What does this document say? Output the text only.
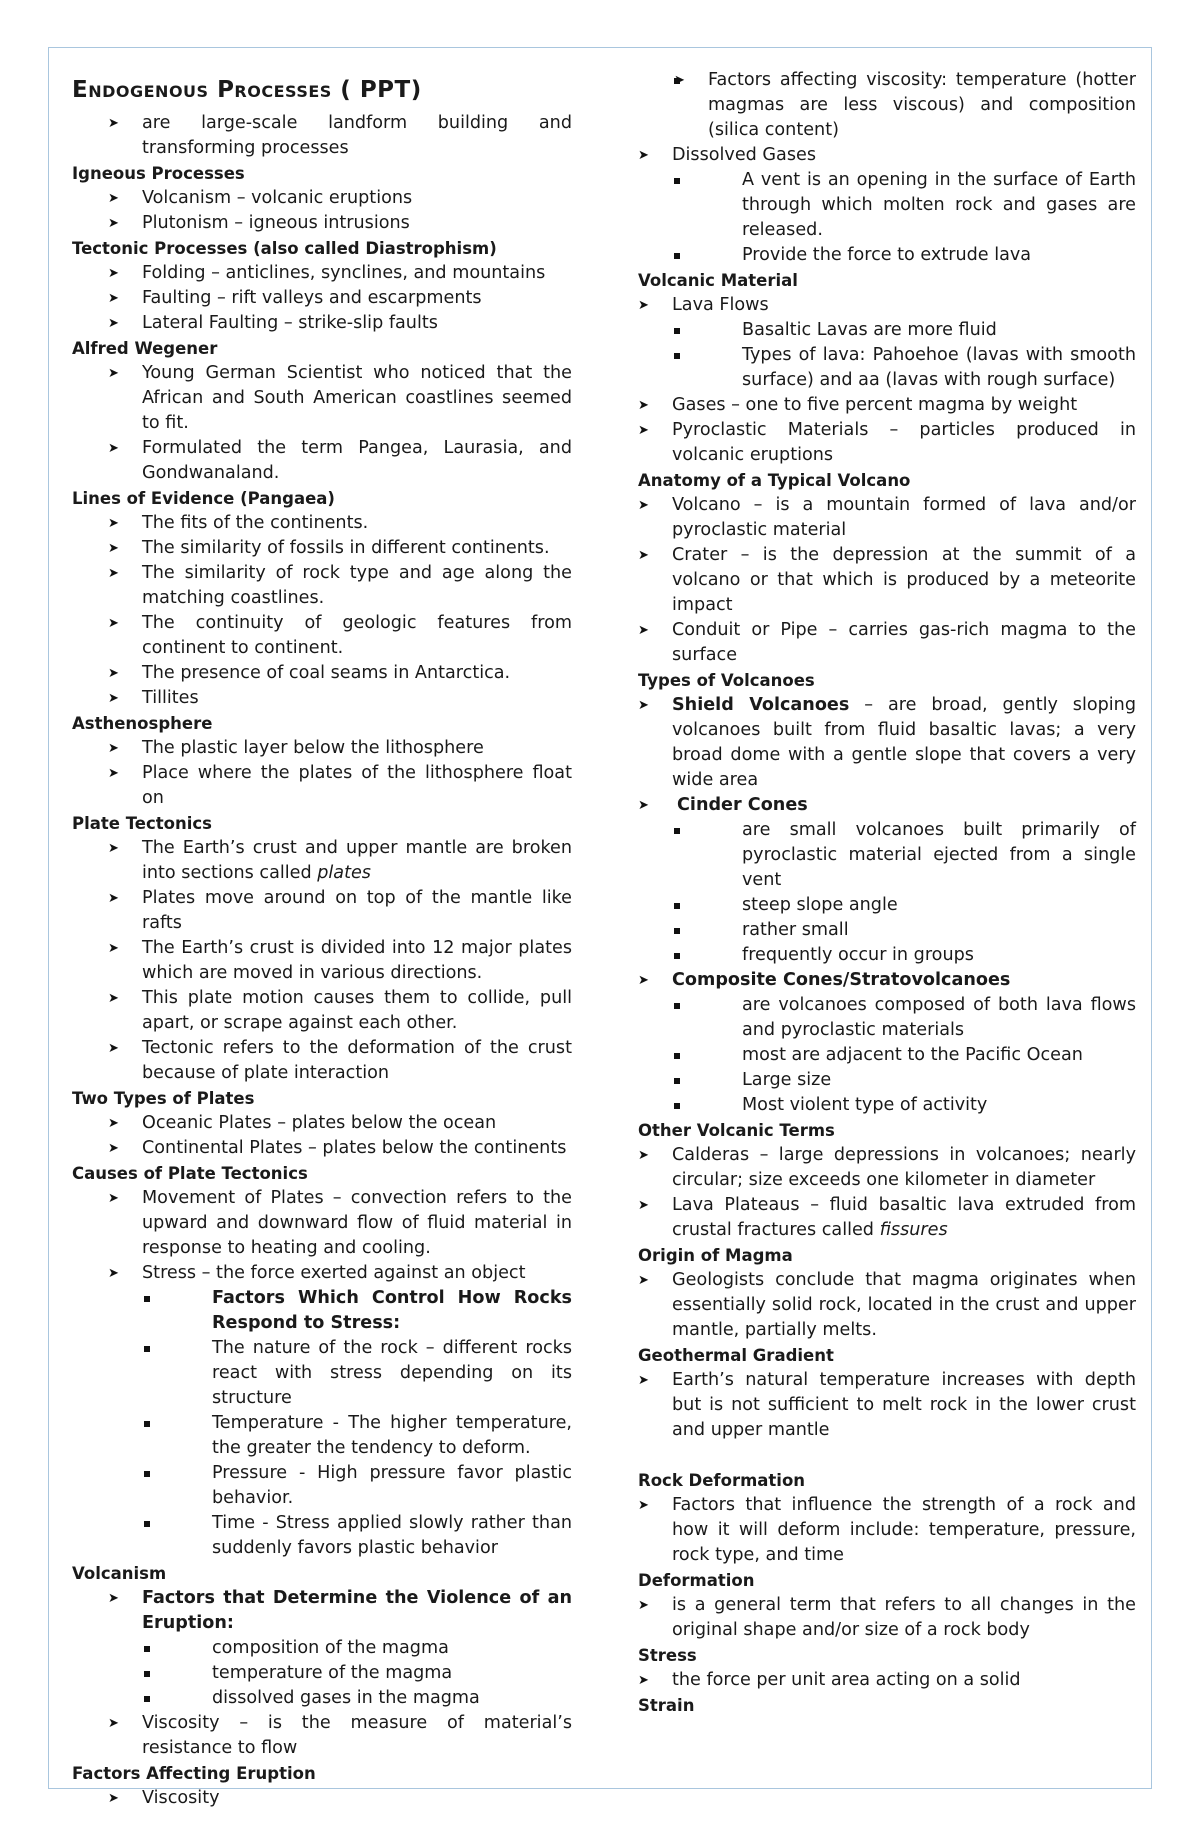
Endogenous Processes ( PPT)
➤ are large-scale landform building and transforming processes
Igneous Processes
➤ Volcanism – volcanic eruptions
➤ Plutonism – igneous intrusions
Tectonic Processes (also called Diastrophism)
➤ Folding – anticlines, synclines, and mountains
➤ Faulting – rift valleys and escarpments
➤ Lateral Faulting – strike-slip faults
Alfred Wegener
➤ Young German Scientist who noticed that the African and South American coastlines seemed to fit.
➤ Formulated the term Pangea, Laurasia, and Gondwanaland.
Lines of Evidence (Pangaea)
➤ The fits of the continents.
➤ The similarity of fossils in different continents.
➤ The similarity of rock type and age along the matching coastlines.
➤ The continuity of geologic features from continent to continent.
➤ The presence of coal seams in Antarctica.
➤ Tillites
Asthenosphere
➤ The plastic layer below the lithosphere
➤ Place where the plates of the lithosphere float on
Plate Tectonics
➤ The Earth’s crust and upper mantle are broken into sections called plates
➤ Plates move around on top of the mantle like rafts
➤ The Earth’s crust is divided into 12 major plates which are moved in various directions.
➤ This plate motion causes them to collide, pull apart, or scrape against each other.
➤ Tectonic refers to the deformation of the crust because of plate interaction
Two Types of Plates
➤ Oceanic Plates – plates below the ocean
➤ Continental Plates – plates below the continents
Causes of Plate Tectonics
➤ Movement of Plates – convection refers to the upward and downward flow of fluid material in response to heating and cooling.
➤ Stress – the force exerted against an object
Factors Which Control How Rocks Respond to Stress:
The nature of the rock – different rocks react with stress depending on its structure
Temperature - The higher temperature, the greater the tendency to deform.
Pressure - High pressure favor plastic behavior.
Time - Stress applied slowly rather than suddenly favors plastic behavior
Volcanism
➤ Factors that Determine the Violence of an Eruption:
composition of the magma
temperature of the magma
dissolved gases in the magma
➤ Viscosity – is the measure of material’s resistance to flow
Factors Affecting Eruption
➤ Viscosity
➤ Factors affecting viscosity: temperature (hotter magmas are less viscous) and composition (silica content)
➤ Dissolved Gases
A vent is an opening in the surface of Earth through which molten rock and gases are released.
Provide the force to extrude lava
Volcanic Material
➤ Lava Flows
Basaltic Lavas are more fluid
Types of lava: Pahoehoe (lavas with smooth surface) and aa (lavas with rough surface)
➤ Gases – one to five percent magma by weight
➤ Pyroclastic Materials – particles produced in volcanic eruptions
Anatomy of a Typical Volcano
➤ Volcano – is a mountain formed of lava and/or pyroclastic material
➤ Crater – is the depression at the summit of a volcano or that which is produced by a meteorite impact
➤ Conduit or Pipe – carries gas-rich magma to the surface
Types of Volcanoes
➤ Shield Volcanoes – are broad, gently sloping volcanoes built from fluid basaltic lavas; a very broad dome with a gentle slope that covers a very wide area
➤ Cinder Cones
are small volcanoes built primarily of pyroclastic material ejected from a single vent
steep slope angle
rather small
frequently occur in groups
➤ Composite Cones/Stratovolcanoes
are volcanoes composed of both lava flows and pyroclastic materials
most are adjacent to the Pacific Ocean
Large size
Most violent type of activity
Other Volcanic Terms
➤ Calderas – large depressions in volcanoes; nearly circular; size exceeds one kilometer in diameter
➤ Lava Plateaus – fluid basaltic lava extruded from crustal fractures called fissures
Origin of Magma
➤ Geologists conclude that magma originates when essentially solid rock, located in the crust and upper mantle, partially melts.
Geothermal Gradient
➤ Earth’s natural temperature increases with depth but is not sufficient to melt rock in the lower crust and upper mantle
Rock Deformation
➤ Factors that influence the strength of a rock and how it will deform include: temperature, pressure, rock type, and time
Deformation
➤ is a general term that refers to all changes in the original shape and/or size of a rock body
Stress
➤ the force per unit area acting on a solid
Strain
